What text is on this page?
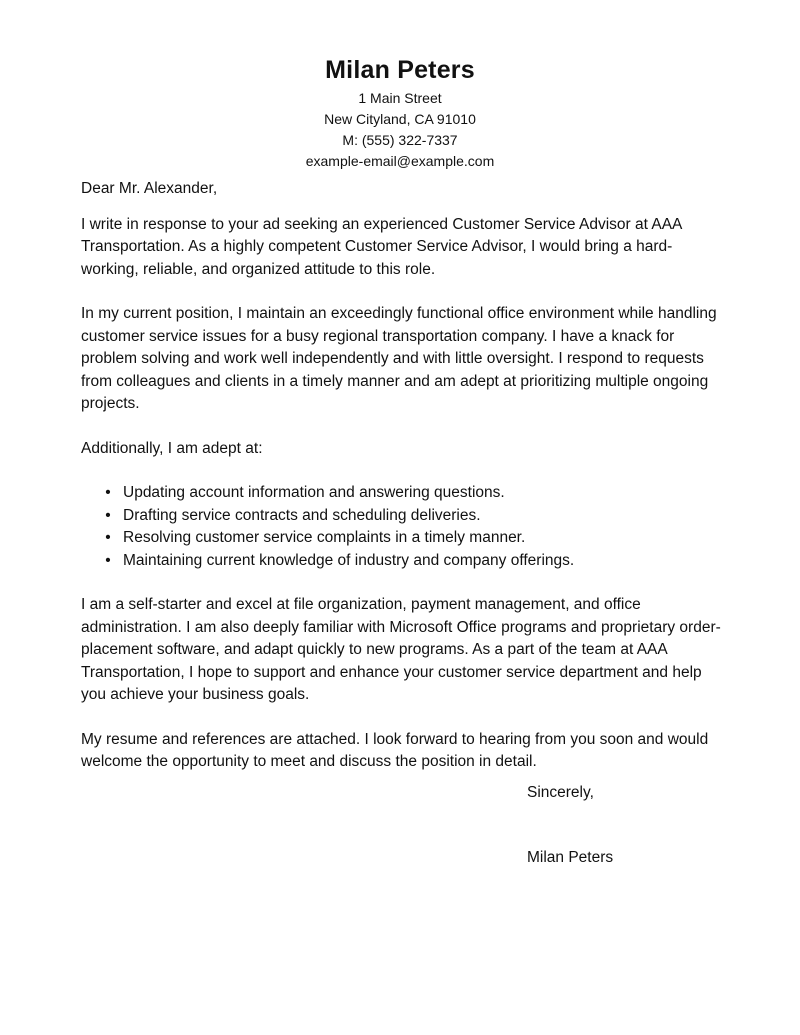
Milan Peters
1 Main Street
New Cityland, CA 91010
M: (555) 322-7337
example-email@example.com

Dear Mr. Alexander,

I write in response to your ad seeking an experienced Customer Service Advisor at AAA Transportation. As a highly competent Customer Service Advisor, I would bring a hard-working, reliable, and organized attitude to this role.

In my current position, I maintain an exceedingly functional office environment while handling customer service issues for a busy regional transportation company. I have a knack for problem solving and work well independently and with little oversight. I respond to requests from colleagues and clients in a timely manner and am adept at prioritizing multiple ongoing projects.

Additionally, I am adept at:

• Updating account information and answering questions.
• Drafting service contracts and scheduling deliveries.
• Resolving customer service complaints in a timely manner.
• Maintaining current knowledge of industry and company offerings.

I am a self-starter and excel at file organization, payment management, and office administration. I am also deeply familiar with Microsoft Office programs and proprietary order-placement software, and adapt quickly to new programs. As a part of the team at AAA Transportation, I hope to support and enhance your customer service department and help you achieve your business goals.

My resume and references are attached. I look forward to hearing from you soon and would welcome the opportunity to meet and discuss the position in detail.

Sincerely,
Milan Peters
